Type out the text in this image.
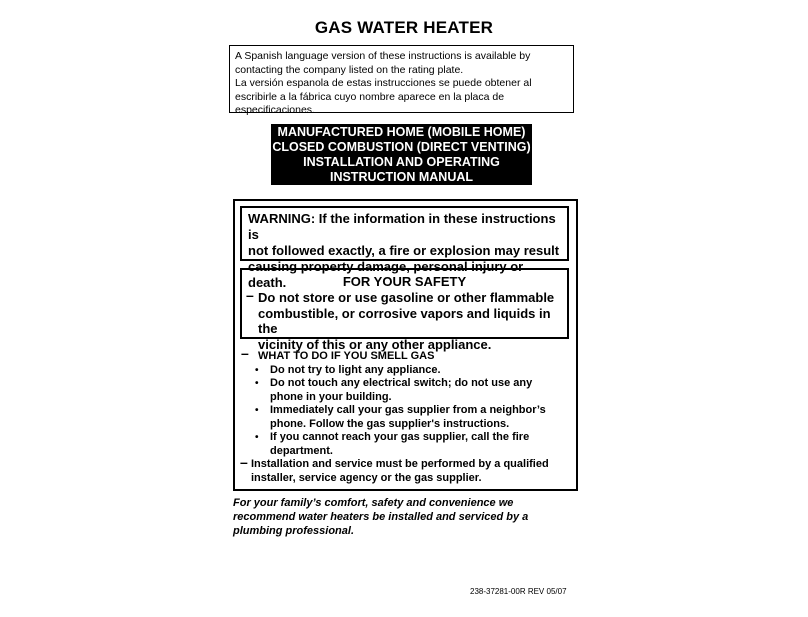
GAS WATER HEATER
A Spanish language version of these instructions is available by
contacting the company listed on the rating plate.
La versión espanola de estas instrucciones se puede obtener al
escribirle a la fábrica cuyo nombre aparece en la placa de
especificaciones.
MANUFACTURED HOME (MOBILE HOME)
CLOSED COMBUSTION (DIRECT VENTING)
INSTALLATION AND OPERATING
INSTRUCTION MANUAL
WARNING: If the information in these instructions is
not followed exactly, a fire or explosion may result
causing property damage, personal injury or death.	FOR YOUR SAFETY
– Do not store or use gasoline or other flammable
combustible, or corrosive vapors and liquids in the
vicinity of this or any other appliance.
– WHAT TO DO IF YOU SMELL GAS
• Do not try to light any appliance.
• Do not touch any electrical switch; do not use any
phone in your building.
• Immediately call your gas supplier from a neighbor’s
phone. Follow the gas supplier's instructions.
• If you cannot reach your gas supplier, call the fire
department.
– Installation and service must be performed by a qualified
installer, service agency or the gas supplier.
For your family’s comfort, safety and convenience we
recommend water heaters be installed and serviced by a
plumbing professional.
238-37281-00R REV 05/07
